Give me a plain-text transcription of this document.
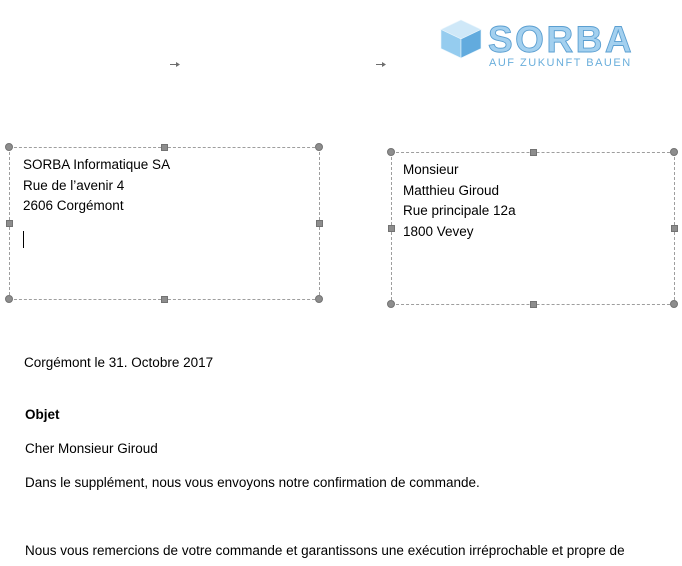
SORBA
AUF ZUKUNFT BAUEN
SORBA Informatique SA
Rue de l’avenir 4
2606 Corgémont
Monsieur
Matthieu Giroud
Rue principale 12a
1800 Vevey
Corgémont le 31. Octobre 2017
Objet
Cher Monsieur Giroud
Dans le supplément, nous vous envoyons notre confirmation de commande.
Nous vous remercions de votre commande et garantissons une exécution irréprochable et propre de
